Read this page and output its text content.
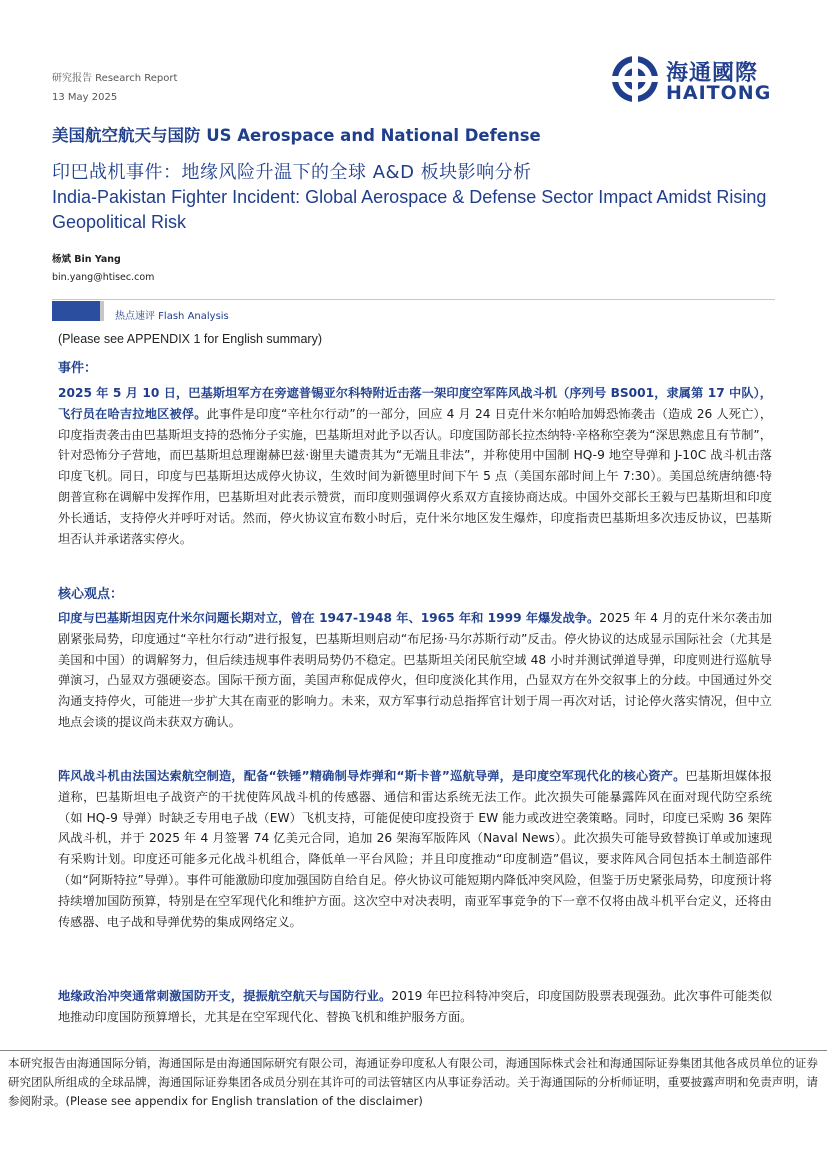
研究报告 Research Report
13 May 2025
海通國際
HAITONG
美国航空航天与国防 US Aerospace and National Defense
印巴战机事件：地缘风险升温下的全球 A&D 板块影响分析
India-Pakistan Fighter Incident: Global Aerospace & Defense Sector Impact Amidst Rising Geopolitical Risk
杨斌 Bin Yang
bin.yang@htisec.com
热点速评 Flash Analysis
(Please see APPENDIX 1 for English summary)
事件：
2025 年 5 月 10 日，巴基斯坦军方在旁遮普锡亚尔科特附近击落一架印度空军阵风战斗机（序列号 BS001，隶属第 17 中队），飞行员在哈吉拉地区被俘。此事件是印度“辛杜尔行动”的一部分，回应 4 月 24 日克什米尔帕哈加姆恐怖袭击（造成 26 人死亡），印度指责袭击由巴基斯坦支持的恐怖分子实施，巴基斯坦对此予以否认。印度国防部长拉杰纳特·辛格称空袭为“深思熟虑且有节制”，针对恐怖分子营地，而巴基斯坦总理谢赫巴兹·谢里夫谴责其为“无端且非法”，并称使用中国制 HQ-9 地空导弹和 J-10C 战斗机击落印度飞机。同日，印度与巴基斯坦达成停火协议，生效时间为新德里时间下午 5 点（美国东部时间上午 7:30）。美国总统唐纳德·特朗普宣称在调解中发挥作用，巴基斯坦对此表示赞赏，而印度则强调停火系双方直接协商达成。中国外交部长王毅与巴基斯坦和印度外长通话，支持停火并呼吁对话。然而，停火协议宣布数小时后，克什米尔地区发生爆炸，印度指责巴基斯坦多次违反协议，巴基斯坦否认并承诺落实停火。
核心观点：
印度与巴基斯坦因克什米尔问题长期对立，曾在 1947-1948 年、1965 年和 1999 年爆发战争。2025 年 4 月的克什米尔袭击加剧紧张局势，印度通过“辛杜尔行动”进行报复，巴基斯坦则启动“布尼扬·马尔苏斯行动”反击。停火协议的达成显示国际社会（尤其是美国和中国）的调解努力，但后续违规事件表明局势仍不稳定。巴基斯坦关闭民航空域 48 小时并测试弹道导弹，印度则进行巡航导弹演习，凸显双方强硬姿态。国际干预方面，美国声称促成停火，但印度淡化其作用，凸显双方在外交叙事上的分歧。中国通过外交沟通支持停火，可能进一步扩大其在南亚的影响力。未来，双方军事行动总指挥官计划于周一再次对话，讨论停火落实情况，但中立地点会谈的提议尚未获双方确认。
阵风战斗机由法国达索航空制造，配备“铁锤”精确制导炸弹和“斯卡普”巡航导弹，是印度空军现代化的核心资产。巴基斯坦媒体报道称，巴基斯坦电子战资产的干扰使阵风战斗机的传感器、通信和雷达系统无法工作。此次损失可能暴露阵风在面对现代防空系统（如 HQ-9 导弹）时缺乏专用电子战（EW）飞机支持，可能促使印度投资于 EW 能力或改进空袭策略。同时，印度已采购 36 架阵风战斗机，并于 2025 年 4 月签署 74 亿美元合同，追加 26 架海军版阵风（Naval News）。此次损失可能导致替换订单或加速现有采购计划。印度还可能多元化战斗机组合，降低单一平台风险；并且印度推动“印度制造”倡议，要求阵风合同包括本土制造部件（如“阿斯特拉”导弹）。事件可能激励印度加强国防自给自足。停火协议可能短期内降低冲突风险，但鉴于历史紧张局势，印度预计将持续增加国防预算，特别是在空军现代化和维护方面。这次空中对决表明，南亚军事竞争的下一章不仅将由战斗机平台定义，还将由传感器、电子战和导弹优势的集成网络定义。
地缘政治冲突通常刺激国防开支，提振航空航天与国防行业。2019 年巴拉科特冲突后，印度国防股票表现强劲。此次事件可能类似地推动印度国防预算增长，尤其是在空军现代化、替换飞机和维护服务方面。
本研究报告由海通国际分销，海通国际是由海通国际研究有限公司，海通证券印度私人有限公司，海通国际株式会社和海通国际证券集团其他各成员单位的证券研究团队所组成的全球品牌，海通国际证券集团各成员分别在其许可的司法管辖区内从事证券活动。关于海通国际的分析师证明，重要披露声明和免责声明，请参阅附录。(Please see appendix for English translation of the disclaimer)
